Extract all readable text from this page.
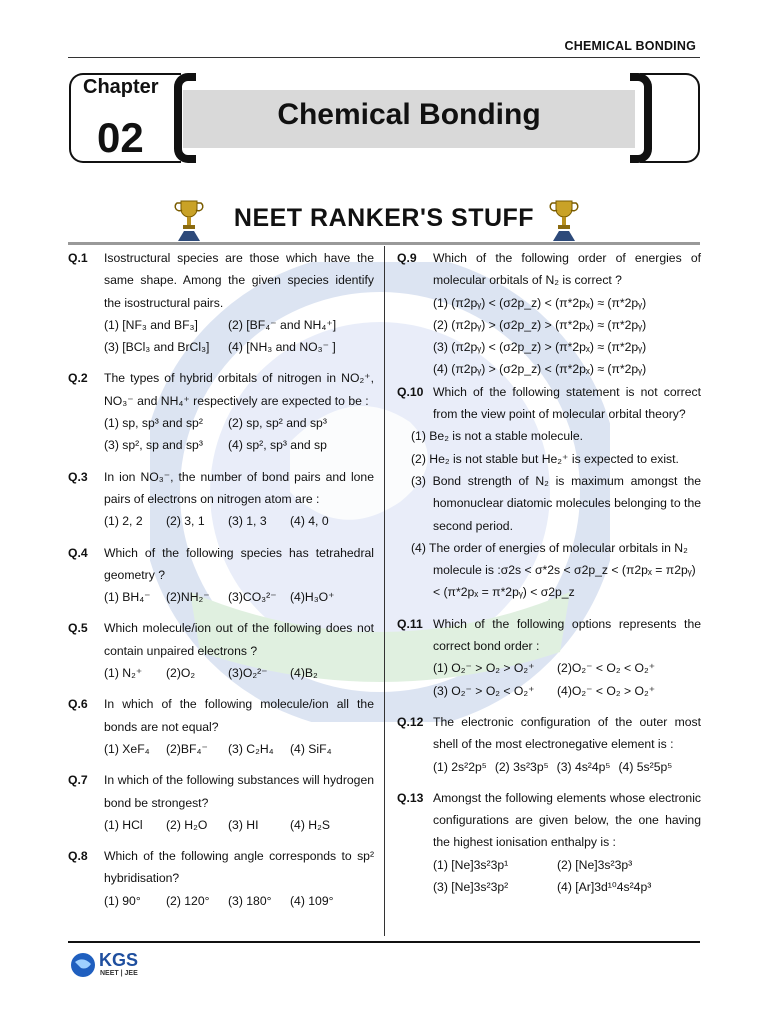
CHEMICAL BONDING
Chapter
02	Chemical Bonding
NEET RANKER'S STUFF
Q.1 Isostructural species are those which have the same shape. Among the given species identify the isostructural pairs.
(1) [NF₃ and BF₃]	(2) [BF₄⁻ and NH₄⁺]
(3) [BCl₃ and BrCl₃]	(4) [NH₃ and NO₃⁻ ]
Q.2 The types of hybrid orbitals of nitrogen in NO₂⁺, NO₃⁻ and NH₄⁺ respectively are expected to be :
(1) sp, sp³ and sp²	(2) sp, sp² and sp³
(3) sp², sp and sp³	(4) sp², sp³ and sp
Q.3 In ion NO₃⁻, the number of bond pairs and lone pairs of electrons on nitrogen atom are :
(1) 2, 2	(2) 3, 1	(3) 1, 3	(4) 4, 0
Q.4 Which of the following species has tetrahedral geometry ?
(1) BH₄⁻	(2)NH₂⁻	(3)CO₃²⁻	(4)H₃O⁺
Q.5 Which molecule/ion out of the following does not contain unpaired electrons ?
(1) N₂⁺	(2)O₂	(3)O₂²⁻	(4)B₂
Q.6 In which of the following molecule/ion all the bonds are not equal?
(1) XeF₄	(2)BF₄⁻	(3) C₂H₄	(4) SiF₄
Q.7 In which of the following substances will hydrogen bond be strongest?
(1) HCl	(2) H₂O	(3) HI	(4) H₂S
Q.8 Which of the following angle corresponds to sp² hybridisation?
(1) 90°	(2) 120°	(3) 180°	(4) 109°
Q.9 Which of the following order of energies of molecular orbitals of N₂ is correct ?
(1) (π2pᵧ) < (σ2p_z) < (π*2pₓ) ≈ (π*2pᵧ)
(2) (π2pᵧ) > (σ2p_z) > (π*2pₓ) ≈ (π*2pᵧ)
(3) (π2pᵧ) < (σ2p_z) > (π*2pₓ) ≈ (π*2pᵧ)
(4) (π2pᵧ) > (σ2p_z) < (π*2pₓ) ≈ (π*2pᵧ)
Q.10 Which of the following statement is not correct from the view point of molecular orbital theory?
(1) Be₂ is not a stable molecule.
(2) He₂ is not stable but He₂⁺ is expected to exist.
(3) Bond strength of N₂ is maximum amongst the homonuclear diatomic molecules belonging to the second period.
(4) The order of energies of molecular orbitals in N₂ molecule is :σ2s < σ*2s < σ2p_z < (π2pₓ = π2pᵧ) < (π*2pₓ = π*2pᵧ) < σ2p_z
Q.11 Which of the following options represents the correct bond order :
(1) O₂⁻ > O₂ > O₂⁺	(2)O₂⁻ < O₂ < O₂⁺
(3) O₂⁻ > O₂ < O₂⁺	(4)O₂⁻ < O₂ > O₂⁺
Q.12 The electronic configuration of the outer most shell of the most electronegative element is :
(1) 2s²2p⁵ (2) 3s²3p⁵ (3) 4s²4p⁵ (4) 5s²5p⁵
Q.13 Amongst the following elements whose electronic configurations are given below, the one having the highest ionisation enthalpy is :
(1) [Ne]3s²3p¹	(2) [Ne]3s²3p³
(3) [Ne]3s²3p²	(4) [Ar]3d¹⁰4s²4p³
KGS
NEET | JEE
